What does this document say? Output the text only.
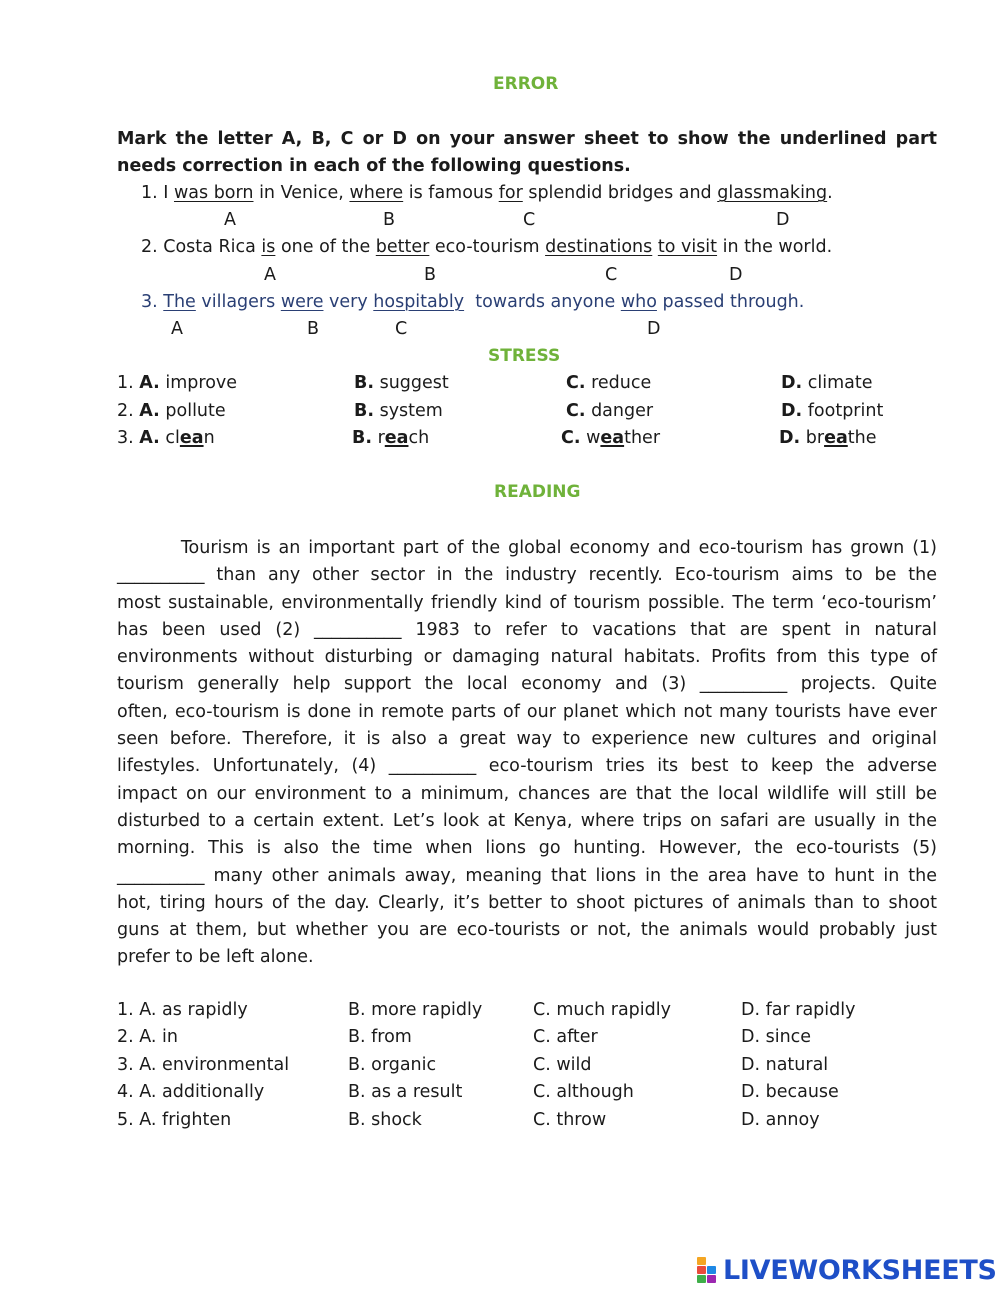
ERROR
Mark the letter A, B, C or D on your answer sheet to show the underlined part
needs correction in each of the following questions.
1. I was born in Venice, where is famous for splendid bridges and glassmaking.
A	B	C	D
2. Costa Rica is one of the better eco-tourism destinations to visit in the world.
A	B	C	D
3. The villagers were very hospitably  towards anyone who passed through.
A	B	C	D
STRESS
1. A. improve	B. suggest	C. reduce	D. climate
2. A. pollute	B. system	C. danger	D. footprint
3. A. clean	B. reach	C. weather	D. breathe
READING
Tourism is an important part of the global economy and eco-tourism has grown (1)
__________ than any other sector in the industry recently. Eco-tourism aims to be the
most sustainable, environmentally friendly kind of tourism possible. The term ‘eco-tourism’
has been used (2) __________ 1983 to refer to vacations that are spent in natural
environments without disturbing or damaging natural habitats. Profits from this type of
tourism generally help support the local economy and (3) __________ projects. Quite
often, eco-tourism is done in remote parts of our planet which not many tourists have ever
seen before. Therefore, it is also a great way to experience new cultures and original
lifestyles. Unfortunately, (4) __________ eco-tourism tries its best to keep the adverse
impact on our environment to a minimum, chances are that the local wildlife will still be
disturbed to a certain extent. Let’s look at Kenya, where trips on safari are usually in the
morning. This is also the time when lions go hunting. However, the eco-tourists (5)
__________ many other animals away, meaning that lions in the area have to hunt in the
hot, tiring hours of the day. Clearly, it’s better to shoot pictures of animals than to shoot
guns at them, but whether you are eco-tourists or not, the animals would probably just
prefer to be left alone.
1. A. as rapidly	B. more rapidly	C. much rapidly	D. far rapidly
2. A. in	B. from	C. after	D. since
3. A. environmental	B. organic	C. wild	D. natural
4. A. additionally	B. as a result	C. although	D. because
5. A. frighten	B. shock	C. throw	D. annoy
LIVEWORKSHEETS
